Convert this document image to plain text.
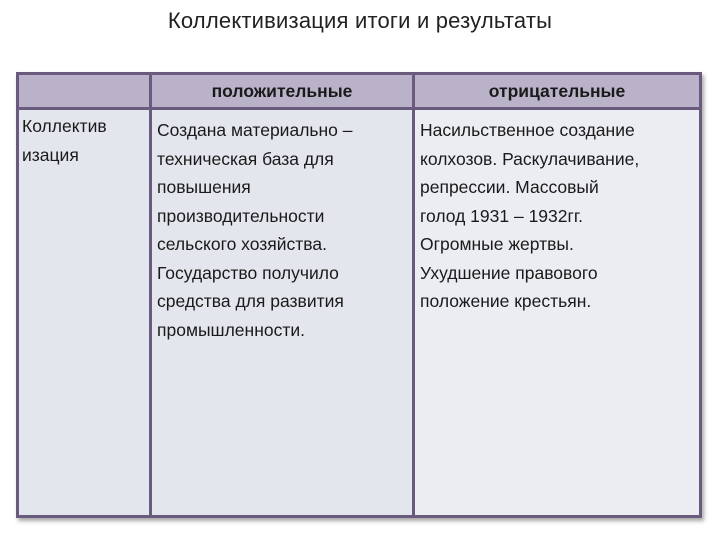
Коллективизация итоги и результаты
положительные	отрицательные
Коллектив
изация
Создана материально –
техническая база для
повышения
производительности
сельского хозяйства.
Государство получило
средства для развития
промышленности.
Насильственное создание
колхозов. Раскулачивание,
репрессии. Массовый
голод 1931 – 1932гг.
Огромные жертвы.
Ухудшение правового
положение крестьян.
